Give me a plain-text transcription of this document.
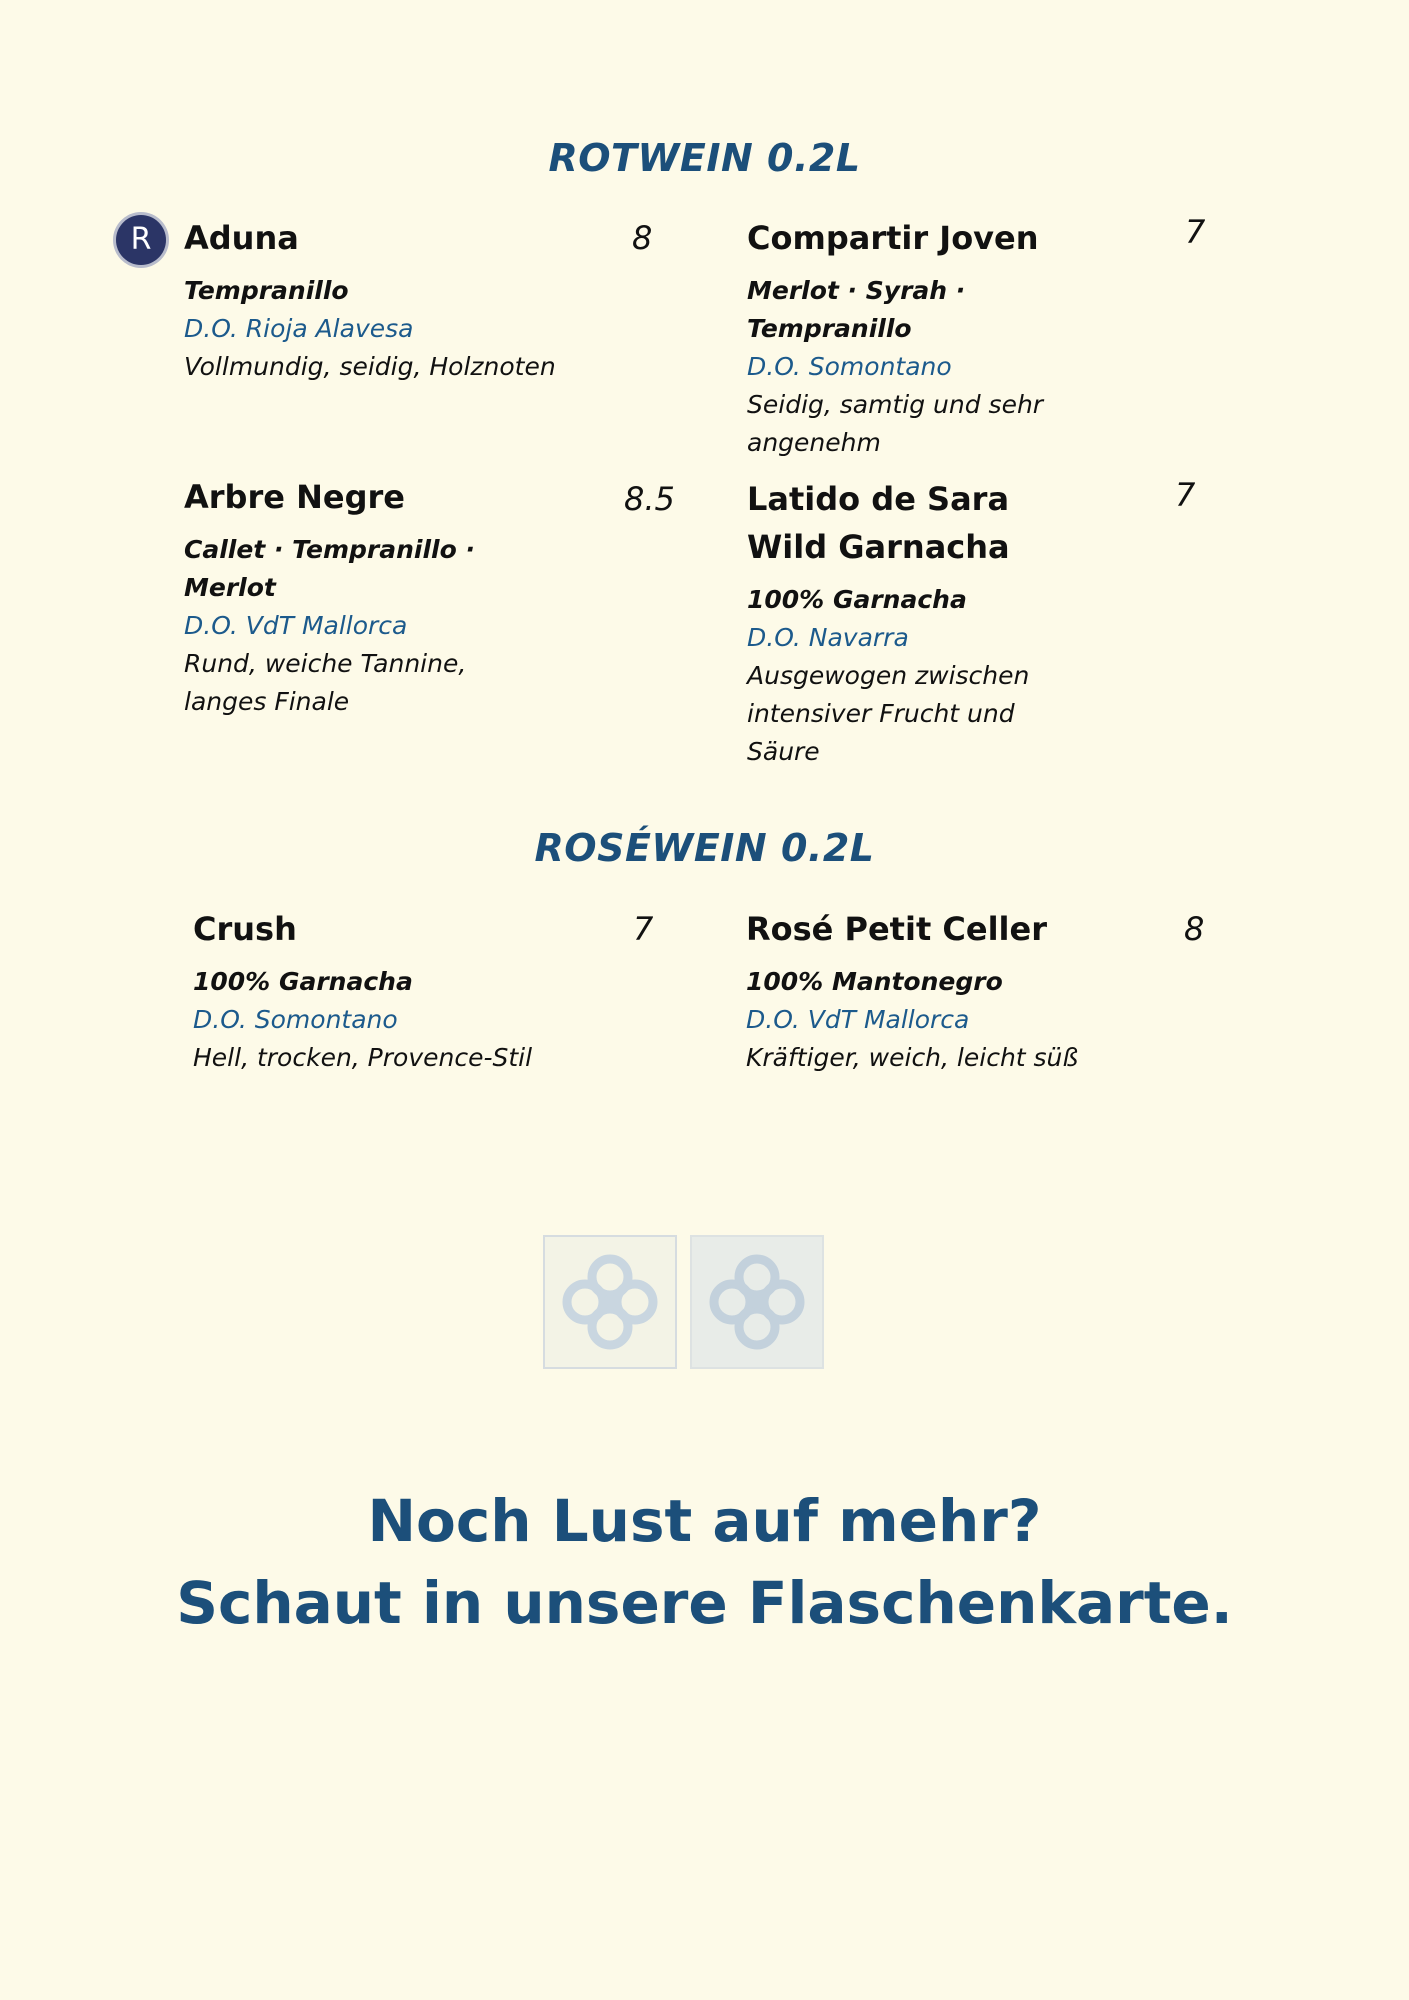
ROTWEIN 0.2L
R	Aduna	8
Tempranillo
D.O. Rioja Alavesa
Vollmundig, seidig, Holznoten
Compartir Joven	7
Merlot · Syrah · Tempranillo
D.O. Somontano
Seidig, samtig und sehr angenehm
Arbre Negre	8.5
Callet · Tempranillo · Merlot
D.O. VdT Mallorca
Rund, weiche Tannine, langes Finale
Latido de Sara Wild Garnacha
7
100% Garnacha
D.O. Navarra
Ausgewogen zwischen intensiver Frucht und Säure
ROSÉWEIN 0.2L
Crush	7
100% Garnacha
D.O. Somontano
Hell, trocken, Provence-Stil
Rosé Petit Celler	8
100% Mantonegro
D.O. VdT Mallorca
Kräftiger, weich, leicht süß
Noch Lust auf mehr?
Schaut in unsere Flaschenkarte.
